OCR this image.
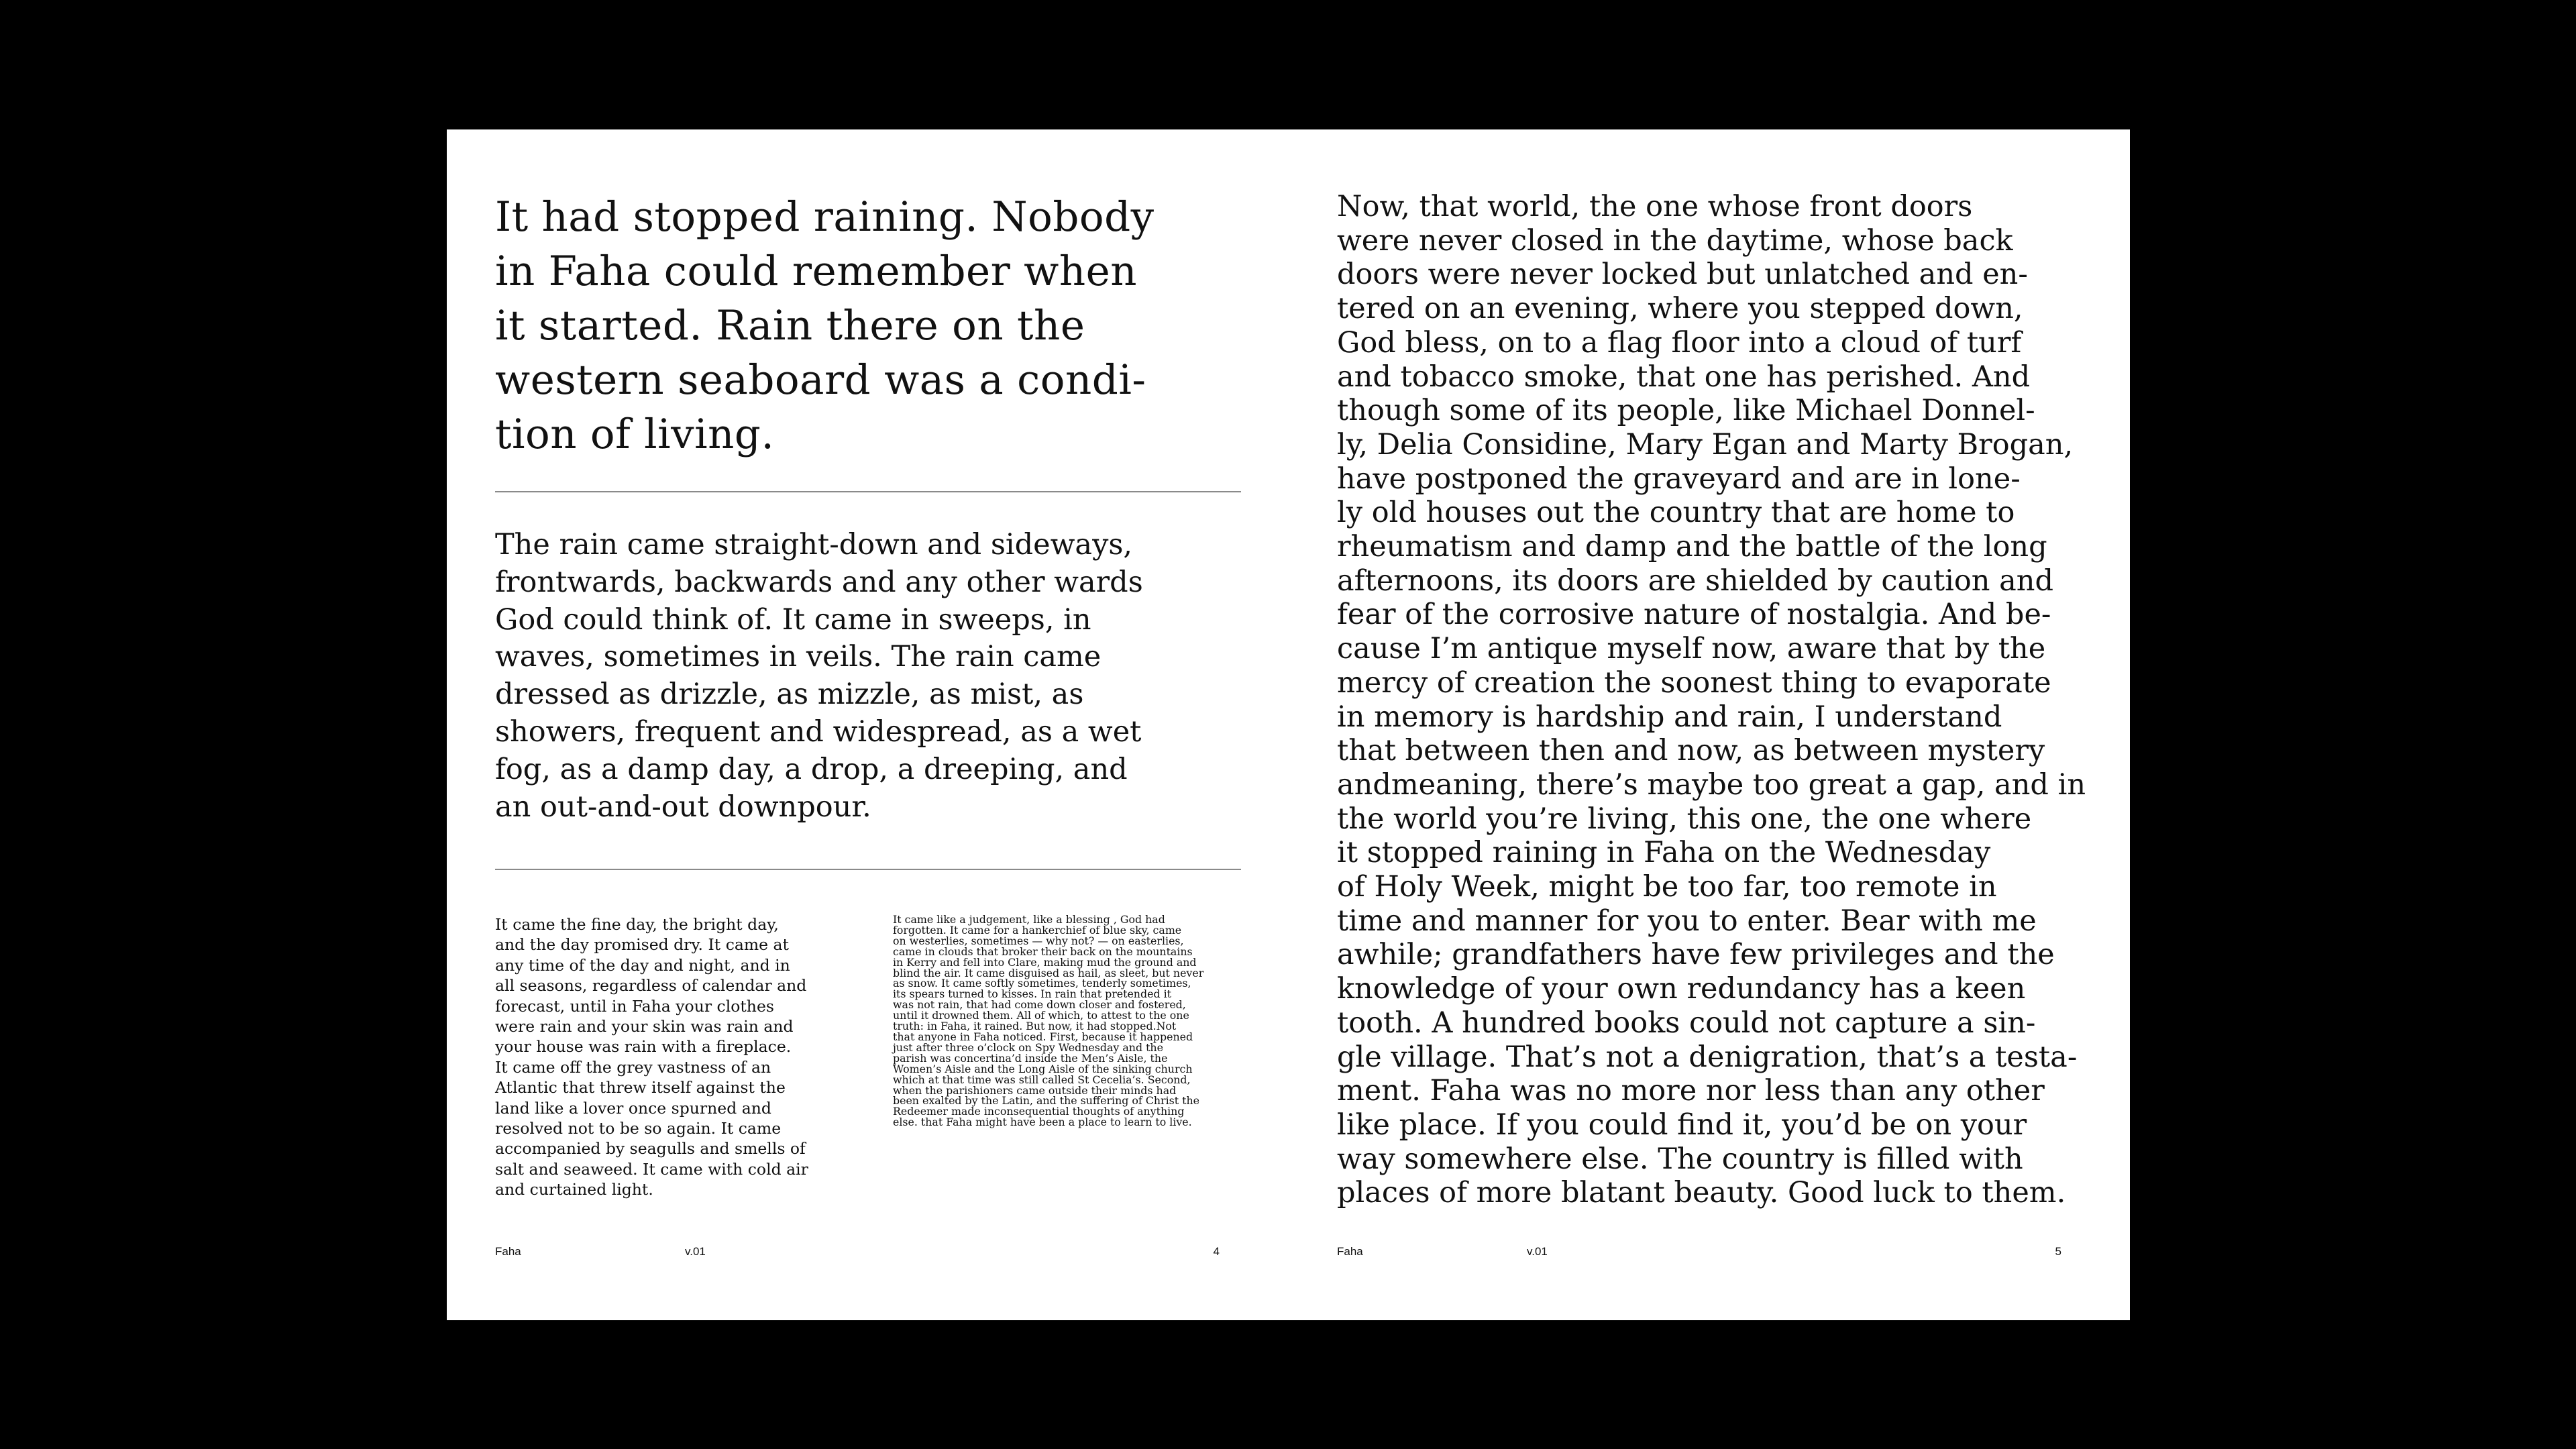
It had stopped raining. Nobody
in Faha could remember when
it started. Rain there on the
western seaboard was a condi-
tion of living.

The rain came straight-down and sideways,
frontwards, backwards and any other wards
God could think of. It came in sweeps, in
waves, sometimes in veils. The rain came
dressed as drizzle, as mizzle, as mist, as
showers, frequent and widespread, as a wet
fog, as a damp day, a drop, a dreeping, and
an out-and-out downpour.

It came the fine day, the bright day,
and the day promised dry. It came at
any time of the day and night, and in
all seasons, regardless of calendar and
forecast, until in Faha your clothes
were rain and your skin was rain and
your house was rain with a fireplace.
It came off the grey vastness of an
Atlantic that threw itself against the
land like a lover once spurned and
resolved not to be so again. It came
accompanied by seagulls and smells of
salt and seaweed. It came with cold air
and curtained light.

It came like a judgement, like a blessing , God had
forgotten. It came for a hankerchief of blue sky, came
on westerlies, sometimes — why not? — on easterlies,
came in clouds that broker their back on the mountains
in Kerry and fell into Clare, making mud the ground and
blind the air. It came disguised as hail, as sleet, but never
as snow. It came softly sometimes, tenderly sometimes,
its spears turned to kisses. In rain that pretended it
was not rain, that had come down closer and fostered,
until it drowned them. All of which, to attest to the one
truth: in Faha, it rained. But now, it had stopped.Not
that anyone in Faha noticed. First, because it happened
just after three o’clock on Spy Wednesday and the
parish was concertina’d inside the Men’s Aisle, the
Women’s Aisle and the Long Aisle of the sinking church
which at that time was still called St Cecelia’s. Second,
when the parishioners came outside their minds had
been exalted by the Latin, and the suffering of Christ the
Redeemer made inconsequential thoughts of anything
else. that Faha might have been a place to learn to live.

Faha	v.01	4

Now, that world, the one whose front doors
were never closed in the daytime, whose back
doors were never locked but unlatched and en-
tered on an evening, where you stepped down,
God bless, on to a flag floor into a cloud of turf
and tobacco smoke, that one has perished. And
though some of its people, like Michael Donnel-
ly, Delia Considine, Mary Egan and Marty Brogan,
have postponed the graveyard and are in lone-
ly old houses out the country that are home to
rheumatism and damp and the battle of the long
afternoons, its doors are shielded by caution and
fear of the corrosive nature of nostalgia. And be-
cause I’m antique myself now, aware that by the
mercy of creation the soonest thing to evaporate
in memory is hardship and rain, I understand
that between then and now, as between mystery
andmeaning, there’s maybe too great a gap, and in
the world you’re living, this one, the one where
it stopped raining in Faha on the Wednesday
of Holy Week, might be too far, too remote in
time and manner for you to enter. Bear with me
awhile; grandfathers have few privileges and the
knowledge of your own redundancy has a keen
tooth. A hundred books could not capture a sin-
gle village. That’s not a denigration, that’s a testa-
ment. Faha was no more nor less than any other
like place. If you could find it, you’d be on your
way somewhere else. The country is filled with
places of more blatant beauty. Good luck to them.

Faha	v.01	5
